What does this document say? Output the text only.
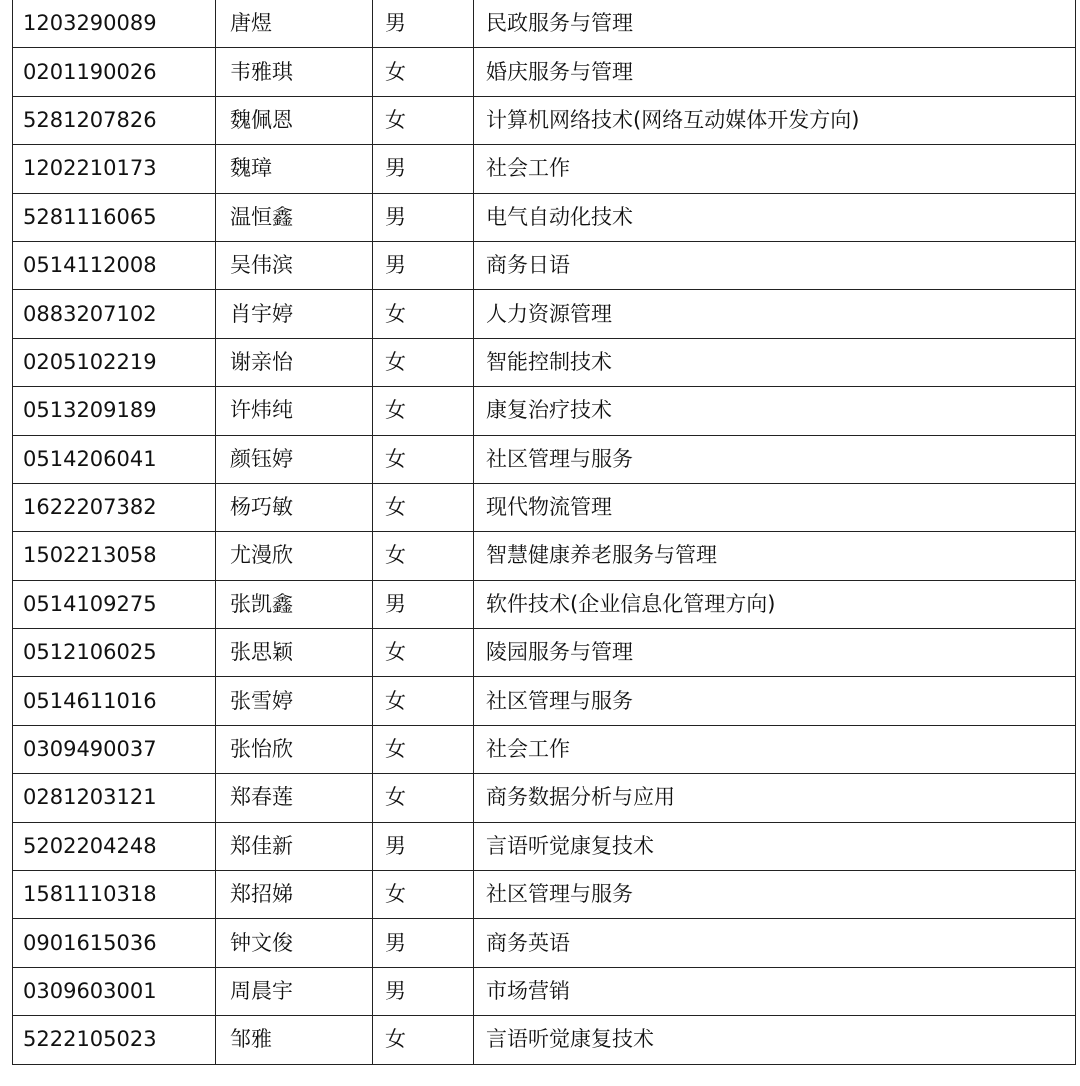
1203290089	唐煜	男	民政服务与管理
0201190026	韦雅琪	女	婚庆服务与管理
5281207826	魏佩恩	女	计算机网络技术(网络互动媒体开发方向)
1202210173	魏璋	男	社会工作
5281116065	温恒鑫	男	电气自动化技术
0514112008	吴伟滨	男	商务日语
0883207102	肖宇婷	女	人力资源管理
0205102219	谢亲怡	女	智能控制技术
0513209189	许炜纯	女	康复治疗技术
0514206041	颜钰婷	女	社区管理与服务
1622207382	杨巧敏	女	现代物流管理
1502213058	尤漫欣	女	智慧健康养老服务与管理
0514109275	张凯鑫	男	软件技术(企业信息化管理方向)
0512106025	张思颖	女	陵园服务与管理
0514611016	张雪婷	女	社区管理与服务
0309490037	张怡欣	女	社会工作
0281203121	郑春莲	女	商务数据分析与应用
5202204248	郑佳新	男	言语听觉康复技术
1581110318	郑招娣	女	社区管理与服务
0901615036	钟文俊	男	商务英语
0309603001	周晨宇	男	市场营销
5222105023	邹雅	女	言语听觉康复技术
